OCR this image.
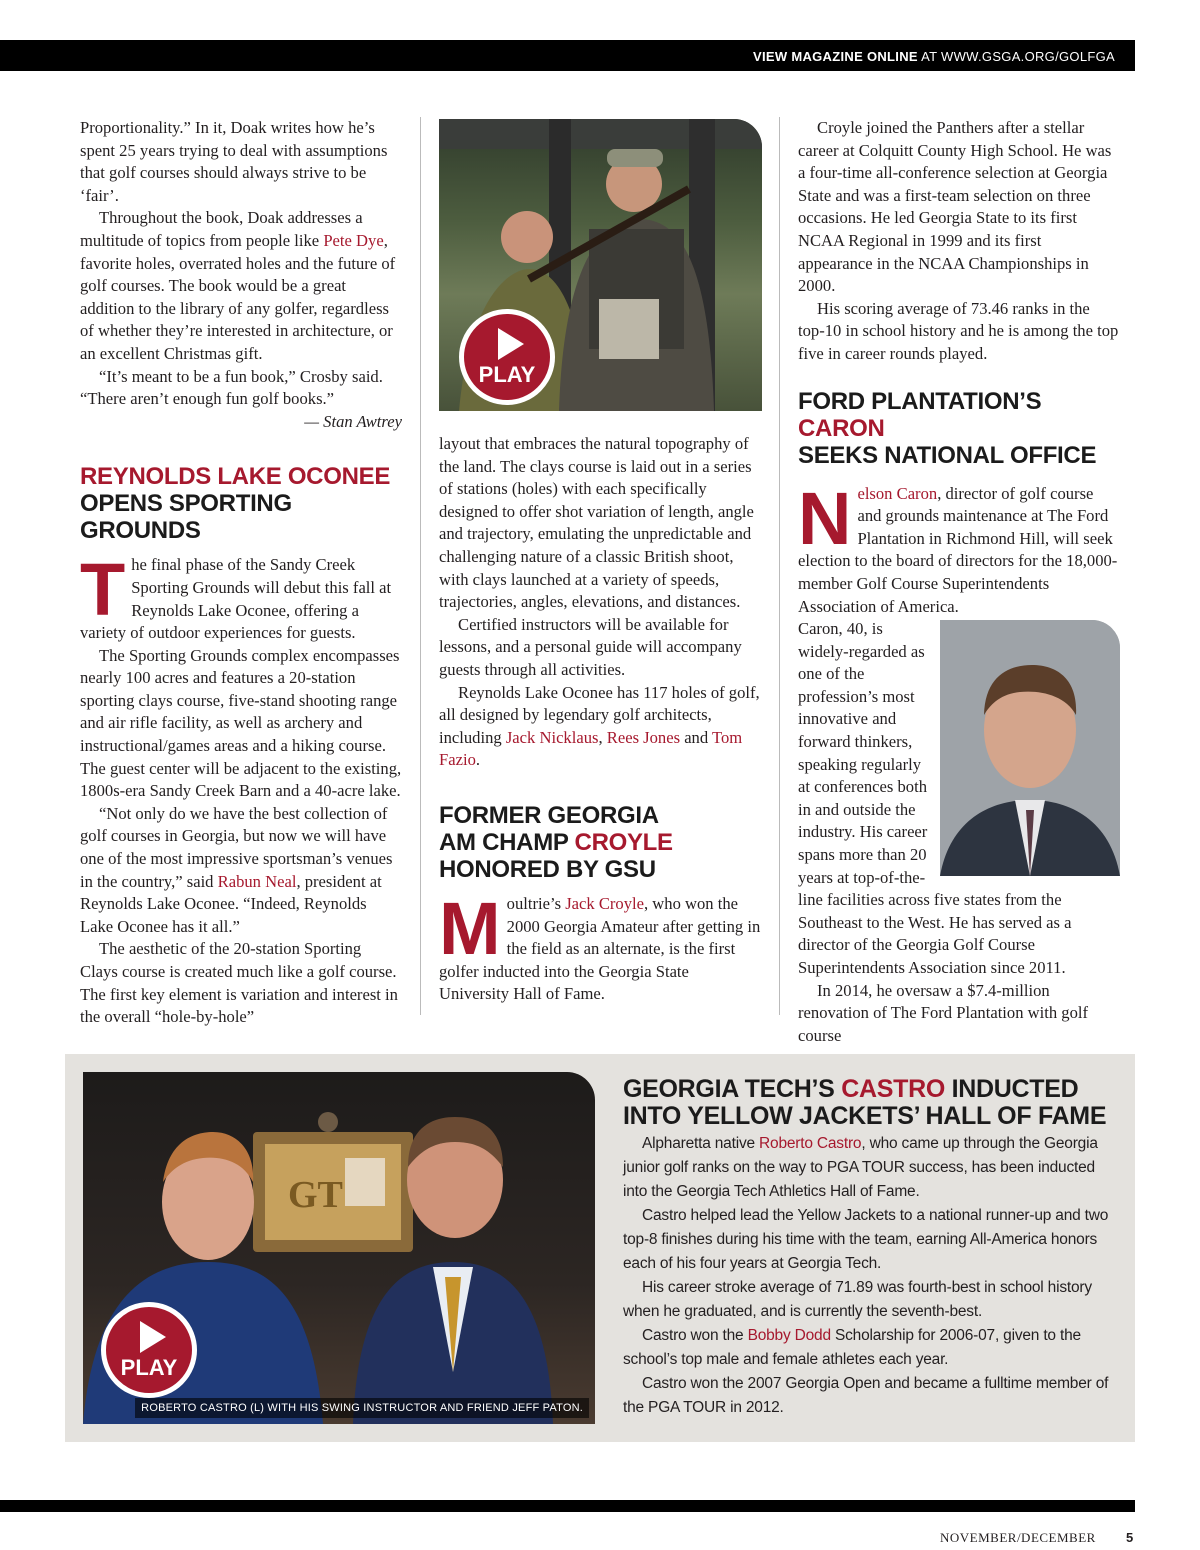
VIEW MAGAZINE ONLINE AT WWW.GSGA.ORG/GOLFGA

Proportionality.” In it, Doak writes how he’s spent 25 years trying to deal with assumptions that golf courses should always strive to be ‘fair’.

Throughout the book, Doak addresses a multitude of topics from people like Pete Dye, favorite holes, overrated holes and the future of golf courses. The book would be a great addition to the library of any golfer, regardless of whether they’re interested in architecture, or an excellent Christmas gift.

“It’s meant to be a fun book,” Crosby said. “There aren’t enough fun golf books.”

— Stan Awtrey

REYNOLDS LAKE OCONEE
OPENS SPORTING GROUNDS
T he final phase of the Sandy Creek Sporting Grounds will debut this fall at Reynolds Lake Oconee, offering a variety of outdoor experiences for guests.

The Sporting Grounds complex encompasses nearly 100 acres and features a 20-station sporting clays course, five-stand shooting range and air rifle facility, as well as archery and instructional/games areas and a hiking course. The guest center will be adjacent to the existing, 1800s-era Sandy Creek Barn and a 40-acre lake.

“Not only do we have the best collection of golf courses in Georgia, but now we will have one of the most impressive sportsman’s venues in the country,” said Rabun Neal, president at Reynolds Lake Oconee. “Indeed, Reynolds Lake Oconee has it all.”

The aesthetic of the 20-station Sporting Clays course is created much like a golf course. The first key element is variation and interest in the overall “hole-by-hole”

PLAY

layout that embraces the natural topography of the land. The clays course is laid out in a series of stations (holes) with each specifically designed to offer shot variation of length, angle and trajectory, emulating the unpredictable and challenging nature of a classic British shoot, with clays launched at a variety of speeds, trajectories, angles, elevations, and distances.

Certified instructors will be available for lessons, and a personal guide will accompany guests through all activities.

Reynolds Lake Oconee has 117 holes of golf, all designed by legendary golf architects, including Jack Nicklaus, Rees Jones and Tom Fazio.

FORMER GEORGIA
AM CHAMP CROYLE
HONORED BY GSU
M oultrie’s Jack Croyle, who won the 2000 Georgia Amateur after getting in the field as an alternate, is the first golfer inducted into the Georgia State University Hall of Fame.

Croyle joined the Panthers after a stellar career at Colquitt County High School. He was a four-time all-conference selection at Georgia State and was a first-team selection on three occasions. He led Georgia State to its first NCAA Regional in 1999 and its first appearance in the NCAA Championships in 2000.

His scoring average of 73.46 ranks in the top-10 in school history and he is among the top five in career rounds played.

FORD PLANTATION’S CARON
SEEKS NATIONAL OFFICE
N elson Caron, director of golf course and grounds maintenance at The Ford Plantation in Richmond Hill, will seek election to the board of directors for the 18,000-member Golf Course Superintendents Association of America.

Caron, 40, is widely-regarded as one of the profession’s most innovative and forward thinkers, speaking regularly at conferences both in and outside the industry. His career spans more than 20 years at top-of-the-line facilities across five states from the Southeast to the West. He has served as a director of the Georgia Golf Course Superintendents Association since 2011.

In 2014, he oversaw a $7.4-million renovation of The Ford Plantation with golf course

GT
PLAY
ROBERTO CASTRO (L) WITH HIS SWING INSTRUCTOR AND FRIEND JEFF PATON.
GEORGIA TECH’S CASTRO INDUCTED
INTO YELLOW JACKETS’ HALL OF FAME

Alpharetta native Roberto Castro, who came up through the Georgia junior golf ranks on the way to PGA TOUR success, has been inducted into the Georgia Tech Athletics Hall of Fame.

Castro helped lead the Yellow Jackets to a national runner-up and two top-8 finishes during his time with the team, earning All-America honors each of his four years at Georgia Tech.

His career stroke average of 71.89 was fourth-best in school history when he graduated, and is currently the seventh-best.

Castro won the Bobby Dodd Scholarship for 2006-07, given to the school’s top male and female athletes each year.

Castro won the 2007 Georgia Open and became a fulltime member of the PGA TOUR in 2012.

NOVEMBER/DECEMBER 5
